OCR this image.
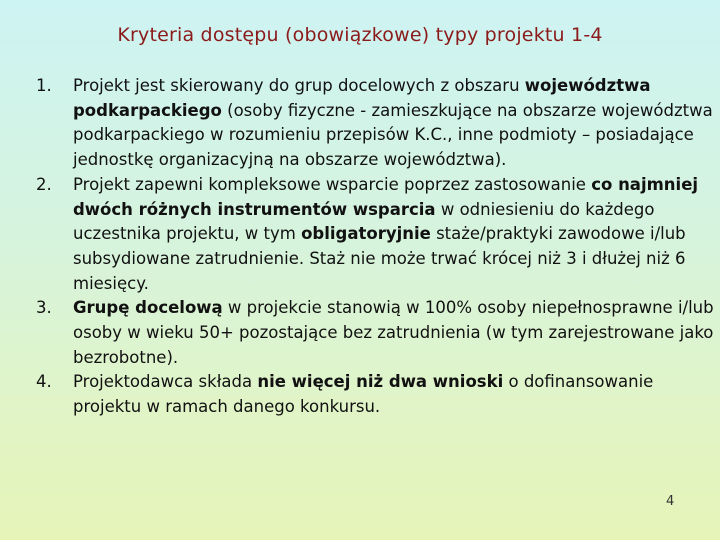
Kryteria dostępu (obowiązkowe) typy projektu 1-4
1. Projekt jest skierowany do grup docelowych z obszaru województwa podkarpackiego (osoby fizyczne - zamieszkujące na obszarze województwa podkarpackiego w rozumieniu przepisów K.C., inne podmioty – posiadające jednostkę organizacyjną na obszarze województwa).
2. Projekt zapewni kompleksowe wsparcie poprzez zastosowanie co najmniej dwóch różnych instrumentów wsparcia w odniesieniu do każdego uczestnika projektu, w tym obligatoryjnie staże/praktyki zawodowe i/lub subsydiowane zatrudnienie. Staż nie może trwać krócej niż 3 i dłużej niż 6 miesięcy.
3. Grupę docelową w projekcie stanowią w 100% osoby niepełnosprawne i/lub osoby w wieku 50+ pozostające bez zatrudnienia (w tym zarejestrowane jako bezrobotne).
4. Projektodawca składa nie więcej niż dwa wnioski o dofinansowanie projektu w ramach danego konkursu.
4
